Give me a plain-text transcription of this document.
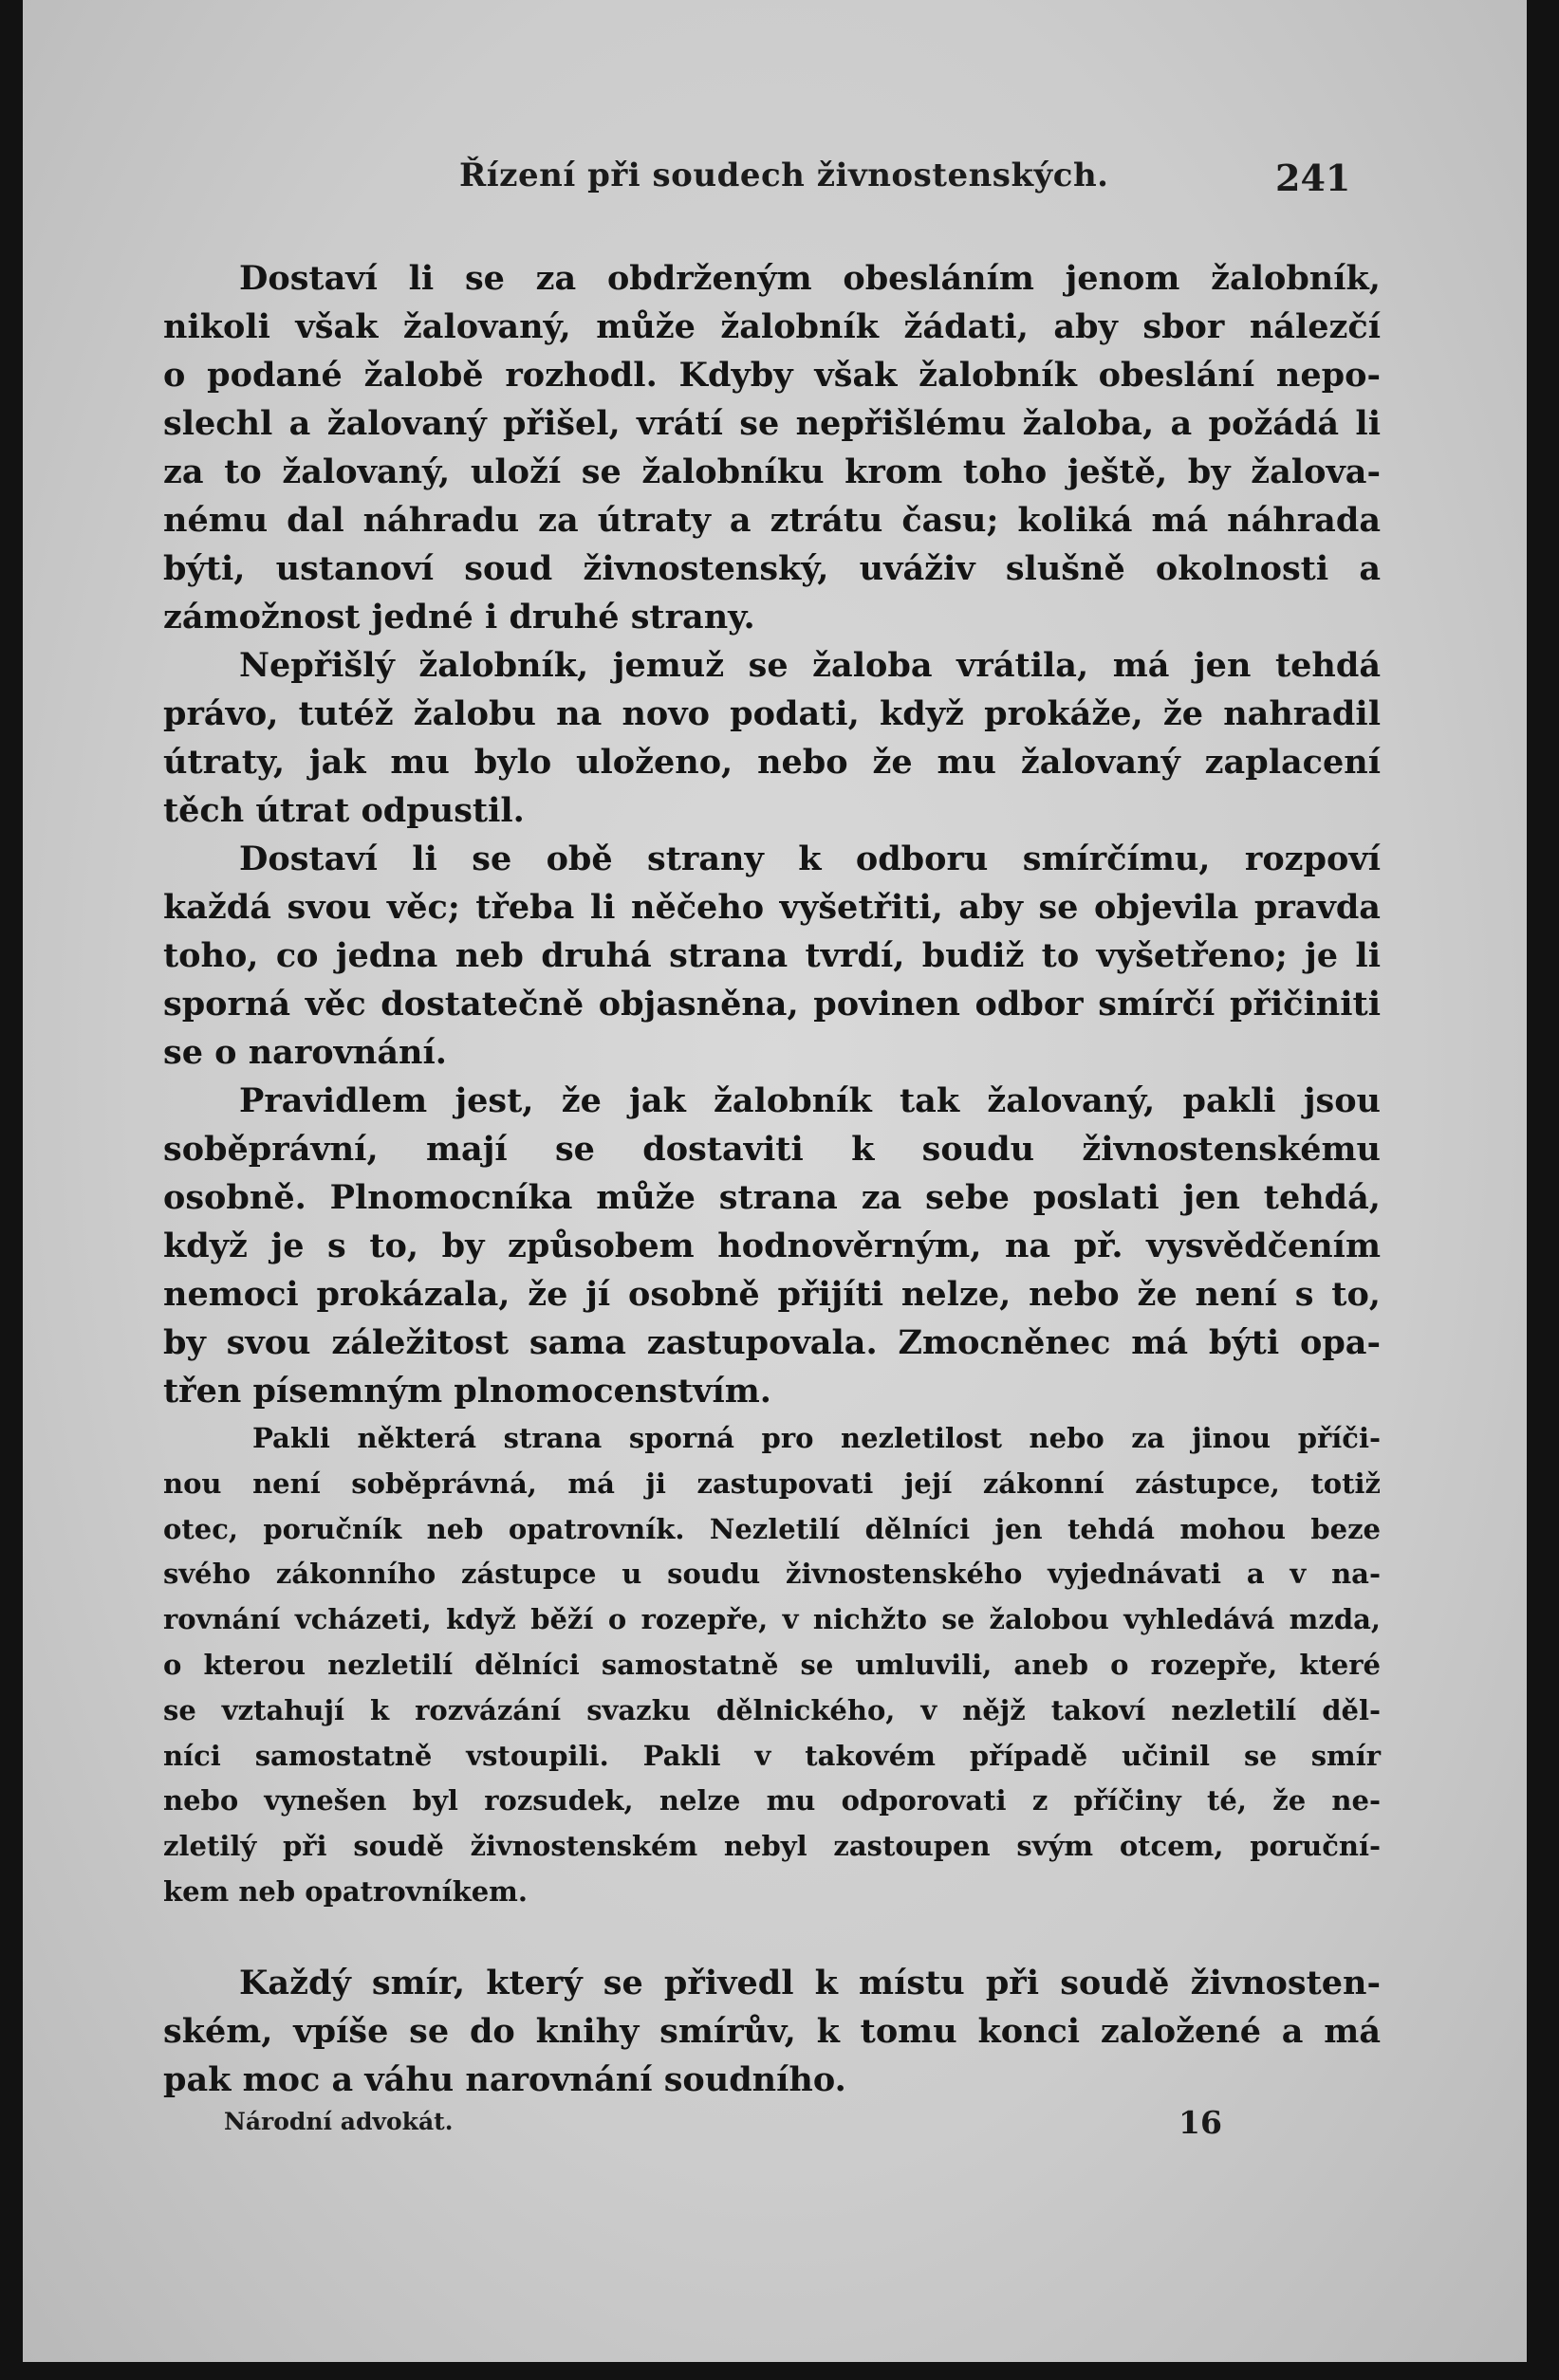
Řízení při soudech živnostenských.	241
Dostaví li se za obdrženým obesláním jenom žalobník,
nikoli však žalovaný, může žalobník žádati, aby sbor nálezčí
o podané žalobě rozhodl. Kdyby však žalobník obeslání nepo-
slechl a žalovaný přišel, vrátí se nepřišlému žaloba, a požádá li
za to žalovaný, uloží se žalobníku krom toho ještě, by žalova-
nému dal náhradu za útraty a ztrátu času; koliká má náhrada
býti, ustanoví soud živnostenský, uváživ slušně okolnosti a
zámožnost jedné i druhé strany.
Nepřišlý žalobník, jemuž se žaloba vrátila, má jen tehdá
právo, tutéž žalobu na novo podati, když prokáže, že nahradil
útraty, jak mu bylo uloženo, nebo že mu žalovaný zaplacení
těch útrat odpustil.
Dostaví li se obě strany k odboru smírčímu, rozpoví
každá svou věc; třeba li něčeho vyšetřiti, aby se objevila pravda
toho, co jedna neb druhá strana tvrdí, budiž to vyšetřeno; je li
sporná věc dostatečně objasněna, povinen odbor smírčí přičiniti
se o narovnání.
Pravidlem jest, že jak žalobník tak žalovaný, pakli jsou
soběprávní, mají se dostaviti k soudu živnostenskému
osobně. Plnomocníka může strana za sebe poslati jen tehdá,
když je s to, by způsobem hodnověrným, na př. vysvědčením
nemoci prokázala, že jí osobně přijíti nelze, nebo že není s to,
by svou záležitost sama zastupovala. Zmocněnec má býti opa-
třen písemným plnomocenstvím.
Pakli některá strana sporná pro nezletilost nebo za jinou příči-
nou není soběprávná, má ji zastupovati její zákonní zástupce, totiž
otec, poručník neb opatrovník. Nezletilí dělníci jen tehdá mohou beze
svého zákonního zástupce u soudu živnostenského vyjednávati a v na-
rovnání vcházeti, když běží o rozepře, v nichžto se žalobou vyhledává mzda,
o kterou nezletilí dělníci samostatně se umluvili, aneb o rozepře, které
se vztahují k rozvázání svazku dělnického, v nějž takoví nezletilí děl-
níci samostatně vstoupili. Pakli v takovém případě učinil se smír
nebo vynešen byl rozsudek, nelze mu odporovati z příčiny té, že ne-
zletilý při soudě živnostenském nebyl zastoupen svým otcem, poruční-
kem neb opatrovníkem.
Každý smír, který se přivedl k místu při soudě živnosten-
ském, vpíše se do knihy smírův, k tomu konci založené a má
pak moc a váhu narovnání soudního.
Národní advokát.	16
